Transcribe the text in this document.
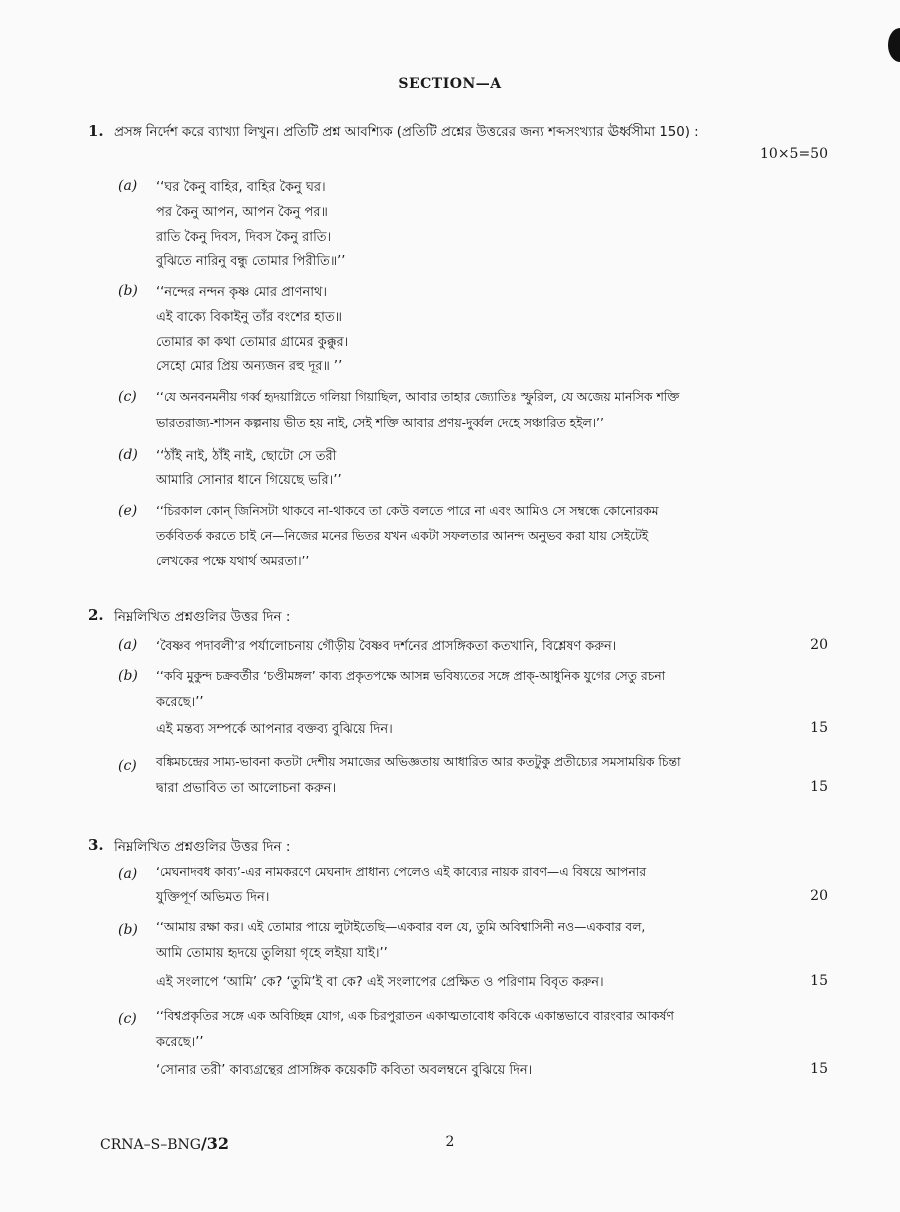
SECTION—A
1. প্রসঙ্গ নির্দেশ করে ব্যাখ্যা লিখুন। প্রতিটি প্রশ্ন আবশ্যিক (প্রতিটি প্রশ্নের উত্তরের জন্য শব্দসংখ্যার ঊর্ধ্বসীমা 150) :
10×5=50
(a) ‘‘ঘর কৈনু বাহির, বাহির কৈনু ঘর।
পর কৈনু আপন, আপন কৈনু পর॥
রাতি কৈনু দিবস, দিবস কৈনু রাতি।
বুঝিতে নারিনু বন্ধু তোমার পিরীতি॥’’
(b) ‘‘নন্দের নন্দন কৃষ্ণ মোর প্রাণনাথ।
এই বাক্যে বিকাইনু তাঁর বংশের হাত॥
তোমার কা কথা তোমার গ্রামের কুক্কুর।
সেহো মোর প্রিয় অন্যজন রহু দূর॥ ’’
(c) ‘‘যে অনবনমনীয় গর্ব্ব হৃদয়াগ্নিতে গলিয়া গিয়াছিল, আবার তাহার জ্যোতিঃ স্ফুরিল, যে অজেয় মানসিক শক্তি
ভারতরাজ্য-শাসন কল্পনায় ভীত হয় নাই, সেই শক্তি আবার প্রণয়-দুর্ব্বল দেহে সঞ্চারিত হইল।’’
(d) ‘‘ঠাঁই নাই, ঠাঁই নাই, ছোটো সে তরী
আমারি সোনার ধানে গিয়েছে ভরি।’’
(e) ‘‘চিরকাল কোন্ জিনিসটা থাকবে না-থাকবে তা কেউ বলতে পারে না এবং আমিও সে সম্বন্ধে কোনোরকম
তর্কবিতর্ক করতে চাই নে—নিজের মনের ভিতর যখন একটা সফলতার আনন্দ অনুভব করা যায় সেইটেই
লেখকের পক্ষে যথার্থ অমরতা।’’
2. নিম্নলিখিত প্রশ্নগুলির উত্তর দিন :
(a) ‘বৈষ্ণব পদাবলী’র পর্যালোচনায় গৌড়ীয় বৈষ্ণব দর্শনের প্রাসঙ্গিকতা কতখানি, বিশ্লেষণ করুন।	20
(b) ‘‘কবি মুকুন্দ চক্রবর্তীর ‘চণ্ডীমঙ্গল’ কাব্য প্রকৃতপক্ষে আসন্ন ভবিষ্যতের সঙ্গে প্রাক্-আধুনিক যুগের সেতু রচনা
করেছে।’’
এই মন্তব্য সম্পর্কে আপনার বক্তব্য বুঝিয়ে দিন।	15
(c) বঙ্কিমচন্দ্রের সাম্য-ভাবনা কতটা দেশীয় সমাজের অভিজ্ঞতায় আধারিত আর কতটুকু প্রতীচ্যের সমসাময়িক চিন্তা
দ্বারা প্রভাবিত তা আলোচনা করুন।	15
3. নিম্নলিখিত প্রশ্নগুলির উত্তর দিন :
(a) ‘মেঘনাদবধ কাব্য’-এর নামকরণে মেঘনাদ প্রাধান্য পেলেও এই কাব্যের নায়ক রাবণ—এ বিষয়ে আপনার
যুক্তিপূর্ণ অভিমত দিন।	20
(b) ‘‘আমায় রক্ষা কর। এই তোমার পায়ে লুটাইতেছি—একবার বল যে, তুমি অবিশ্বাসিনী নও—একবার বল,
আমি তোমায় হৃদয়ে তুলিয়া গৃহে লইয়া যাই।’’
এই সংলাপে ‘আমি’ কে? ‘তুমি’ই বা কে? এই সংলাপের প্রেক্ষিত ও পরিণাম বিবৃত করুন।	15
(c) ‘‘বিশ্বপ্রকৃতির সঙ্গে এক অবিচ্ছিন্ন যোগ, এক চিরপুরাতন একাত্মতাবোধ কবিকে একান্তভাবে বারংবার আকর্ষণ
করেছে।’’
‘সোনার তরী’ কাব্যগ্রন্থের প্রাসঙ্গিক কয়েকটি কবিতা অবলম্বনে বুঝিয়ে দিন।	15
CRNA–S–BNG/32	2
